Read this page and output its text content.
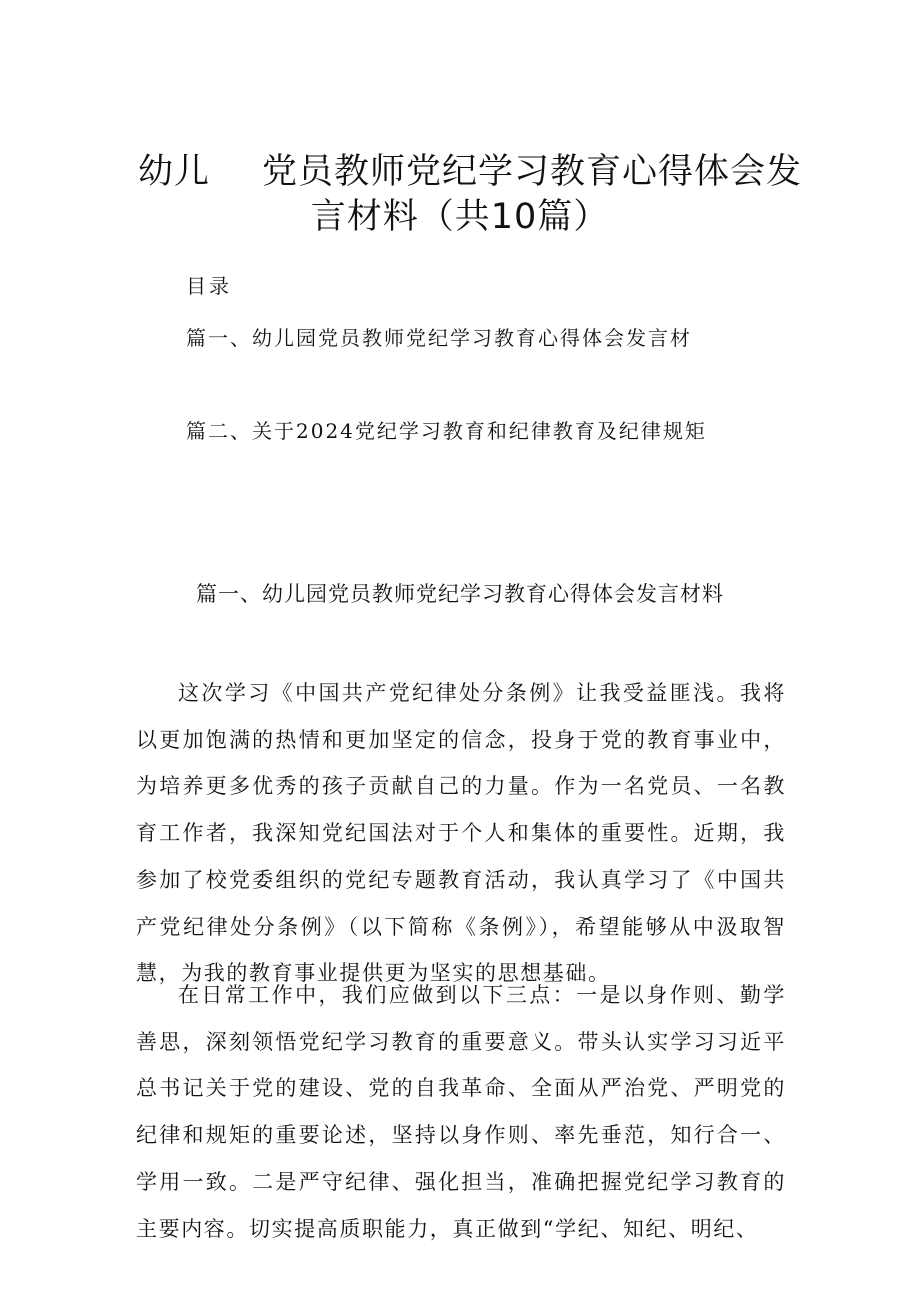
幼儿 党员教师党纪学习教育心得体会发
言材料（共10篇）
目录
篇一、幼儿园党员教师党纪学习教育心得体会发言材
篇二、关于2024党纪学习教育和纪律教育及纪律规矩
篇一、幼儿园党员教师党纪学习教育心得体会发言材料

这次学习《中国共产党纪律处分条例》让我受益匪浅。我将以更加饱满的热情和更加坚定的信念，投身于党的教育事业中，为培养更多优秀的孩子贡献自己的力量。作为一名党员、一名教育工作者，我深知党纪国法对于个人和集体的重要性。近期，我参加了校党委组织的党纪专题教育活动，我认真学习了《中国共产党纪律处分条例》（以下简称《条例》），希望能够从中汲取智慧，为我的教育事业提供更为坚实的思想基础。

在日常工作中，我们应做到以下三点：一是以身作则、勤学善思，深刻领悟党纪学习教育的重要意义。带头认实学习习近平总书记关于党的建设、党的自我革命、全面从严治党、严明党的纪律和规矩的重要论述，坚持以身作则、率先垂范，知行合一、学用一致。二是严守纪律、强化担当，准确把握党纪学习教育的主要内容。切实提高质职能力，真正做到“学纪、知纪、明纪、
